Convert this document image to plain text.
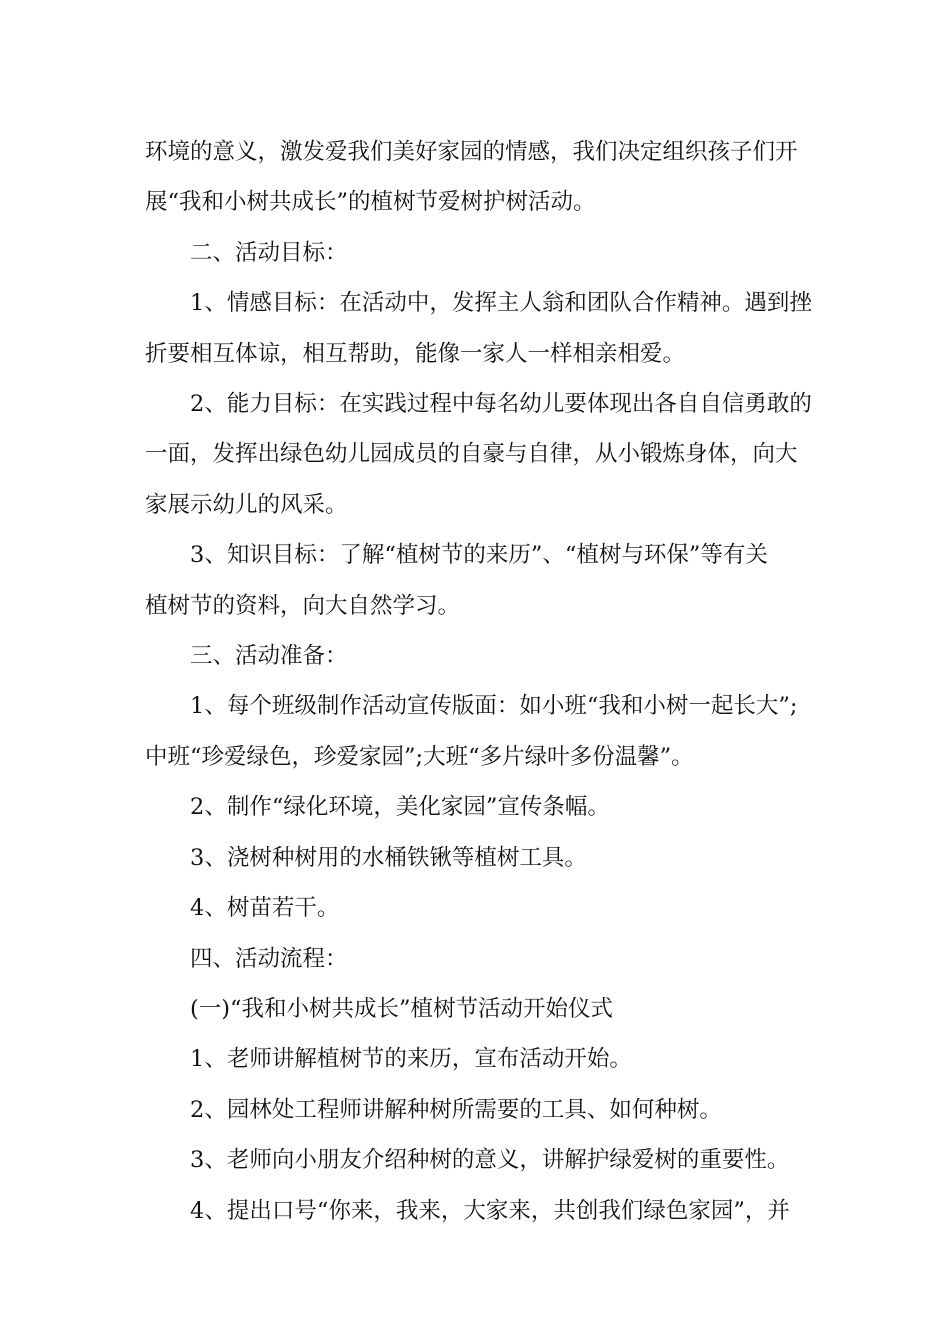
环境的意义，激发爱我们美好家园的情感，我们决定组织孩子们开

展“我和小树共成长”的植树节爱树护树活动。

二、活动目标：

1、情感目标：在活动中，发挥主人翁和团队合作精神。遇到挫

折要相互体谅，相互帮助，能像一家人一样相亲相爱。

2、能力目标：在实践过程中每名幼儿要体现出各自自信勇敢的

一面，发挥出绿色幼儿园成员的自豪与自律，从小锻炼身体，向大

家展示幼儿的风采。

3、知识目标：了解“植树节的来历”、“植树与环保”等有关

植树节的资料，向大自然学习。

三、活动准备：

1、每个班级制作活动宣传版面：如小班“我和小树一起长大”;

中班“珍爱绿色，珍爱家园”;大班“多片绿叶多份温馨”。

2、制作“绿化环境，美化家园”宣传条幅。

3、浇树种树用的水桶铁锹等植树工具。

4、树苗若干。

四、活动流程：

(一)“我和小树共成长”植树节活动开始仪式

1、老师讲解植树节的来历，宣布活动开始。

2、园林处工程师讲解种树所需要的工具、如何种树。

3、老师向小朋友介绍种树的意义，讲解护绿爱树的重要性。

4、提出口号“你来，我来，大家来，共创我们绿色家园”，并
